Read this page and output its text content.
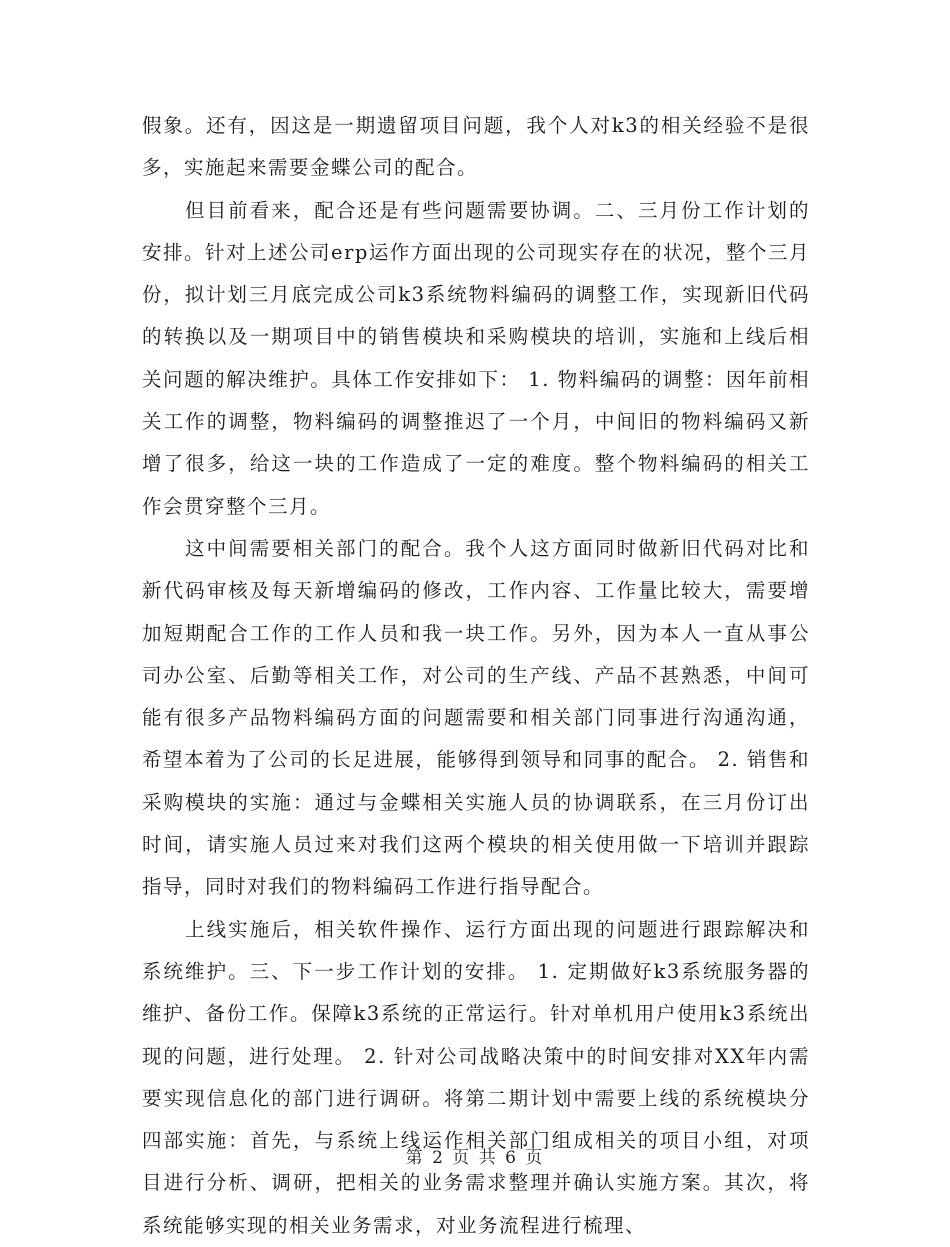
假象。还有，因这是一期遗留项目问题，我个人对k3的相关经验不是很多，实施起来需要金蝶公司的配合。

但目前看来，配合还是有些问题需要协调。二、三月份工作计划的安排。针对上述公司erp运作方面出现的公司现实存在的状况，整个三月份，拟计划三月底完成公司k3系统物料编码的调整工作，实现新旧代码的转换以及一期项目中的销售模块和采购模块的培训，实施和上线后相关问题的解决维护。具体工作安排如下： 1. 物料编码的调整：因年前相关工作的调整，物料编码的调整推迟了一个月，中间旧的物料编码又新增了很多，给这一块的工作造成了一定的难度。整个物料编码的相关工作会贯穿整个三月。

这中间需要相关部门的配合。我个人这方面同时做新旧代码对比和新代码审核及每天新增编码的修改，工作内容、工作量比较大，需要增加短期配合工作的工作人员和我一块工作。另外，因为本人一直从事公司办公室、后勤等相关工作，对公司的生产线、产品不甚熟悉，中间可能有很多产品物料编码方面的问题需要和相关部门同事进行沟通沟通，希望本着为了公司的长足进展，能够得到领导和同事的配合。 2. 销售和采购模块的实施：通过与金蝶相关实施人员的协调联系，在三月份订出时间，请实施人员过来对我们这两个模块的相关使用做一下培训并跟踪指导，同时对我们的物料编码工作进行指导配合。

上线实施后，相关软件操作、运行方面出现的问题进行跟踪解决和系统维护。三、下一步工作计划的安排。 1. 定期做好k3系统服务器的维护、备份工作。保障k3系统的正常运行。针对单机用户使用k3系统出现的问题，进行处理。 2. 针对公司战略决策中的时间安排对XX年内需要实现信息化的部门进行调研。将第二期计划中需要上线的系统模块分四部实施：首先，与系统上线运作相关部门组成相关的项目小组，对项目进行分析、调研，把相关的业务需求整理并确认实施方案。其次，将系统能够实现的相关业务需求，对业务流程进行梳理、

第 2 页 共 6 页
